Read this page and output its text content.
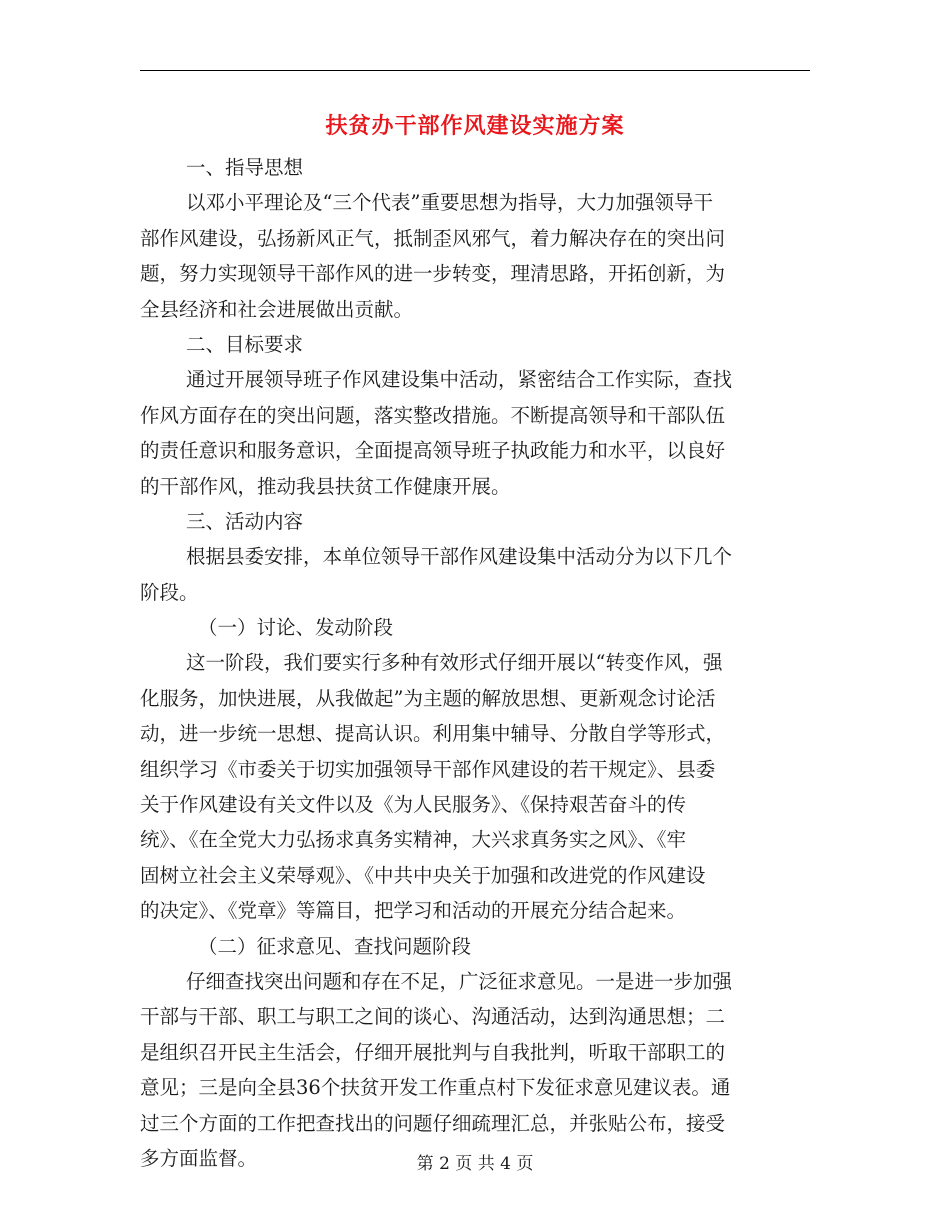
扶贫办干部作风建设实施方案
一、指导思想
以邓小平理论及“三个代表”重要思想为指导，大力加强领导干
部作风建设，弘扬新风正气，抵制歪风邪气，着力解决存在的突出问
题，努力实现领导干部作风的进一步转变，理清思路，开拓创新，为
全县经济和社会进展做出贡献。
二、目标要求
通过开展领导班子作风建设集中活动，紧密结合工作实际，查找
作风方面存在的突出问题，落实整改措施。不断提高领导和干部队伍
的责任意识和服务意识，全面提高领导班子执政能力和水平，以良好
的干部作风，推动我县扶贫工作健康开展。
三、活动内容
根据县委安排，本单位领导干部作风建设集中活动分为以下几个
阶段。
（一）讨论、发动阶段
这一阶段，我们要实行多种有效形式仔细开展以“转变作风，强
化服务，加快进展，从我做起”为主题的解放思想、更新观念讨论活
动，进一步统一思想、提高认识。利用集中辅导、分散自学等形式，
组织学习《市委关于切实加强领导干部作风建设的若干规定》、县委
关于作风建设有关文件以及《为人民服务》、《保持艰苦奋斗的传
统》、《在全党大力弘扬求真务实精神，大兴求真务实之风》、《牢
固树立社会主义荣辱观》、《中共中央关于加强和改进党的作风建设
的决定》、《党章》等篇目，把学习和活动的开展充分结合起来。
（二）征求意见、查找问题阶段
仔细查找突出问题和存在不足，广泛征求意见。一是进一步加强
干部与干部、职工与职工之间的谈心、沟通活动，达到沟通思想；二
是组织召开民主生活会，仔细开展批判与自我批判，听取干部职工的
意见；三是向全县36个扶贫开发工作重点村下发征求意见建议表。通
过三个方面的工作把查找出的问题仔细疏理汇总，并张贴公布，接受
多方面监督。	第 2 页 共 4 页
